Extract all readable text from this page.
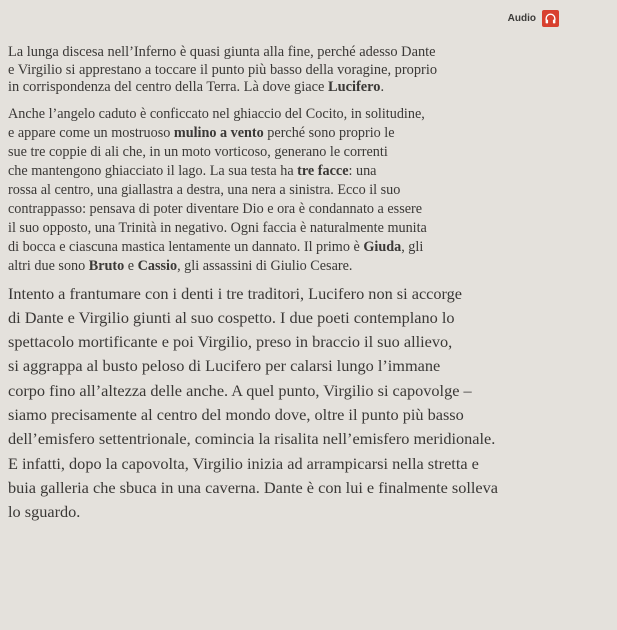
Audio

La lunga discesa nell’Inferno è quasi giunta alla fine, perché adesso Dante
e Virgilio si apprestano a toccare il punto più basso della voragine, proprio
in corrispondenza del centro della Terra. Là dove giace Lucifero.

Anche l’angelo caduto è conficcato nel ghiaccio del Cocito, in solitudine,
e appare come un mostruoso mulino a vento perché sono proprio le
sue tre coppie di ali che, in un moto vorticoso, generano le correnti
che mantengono ghiacciato il lago. La sua testa ha tre facce: una
rossa al centro, una giallastra a destra, una nera a sinistra. Ecco il suo
contrappasso: pensava di poter diventare Dio e ora è condannato a essere
il suo opposto, una Trinità in negativo. Ogni faccia è naturalmente munita
di bocca e ciascuna mastica lentamente un dannato. Il primo è Giuda, gli
altri due sono Bruto e Cassio, gli assassini di Giulio Cesare.

Intento a frantumare con i denti i tre traditori, Lucifero non si accorge
di Dante e Virgilio giunti al suo cospetto. I due poeti contemplano lo
spettacolo mortificante e poi Virgilio, preso in braccio il suo allievo,
si aggrappa al busto peloso di Lucifero per calarsi lungo l’immane
corpo fino all’altezza delle anche. A quel punto, Virgilio si capovolge –
siamo precisamente al centro del mondo dove, oltre il punto più basso
dell’emisfero settentrionale, comincia la risalita nell’emisfero meridionale.
E infatti, dopo la capovolta, Virgilio inizia ad arrampicarsi nella stretta e
buia galleria che sbuca in una caverna. Dante è con lui e finalmente solleva
lo sguardo.
